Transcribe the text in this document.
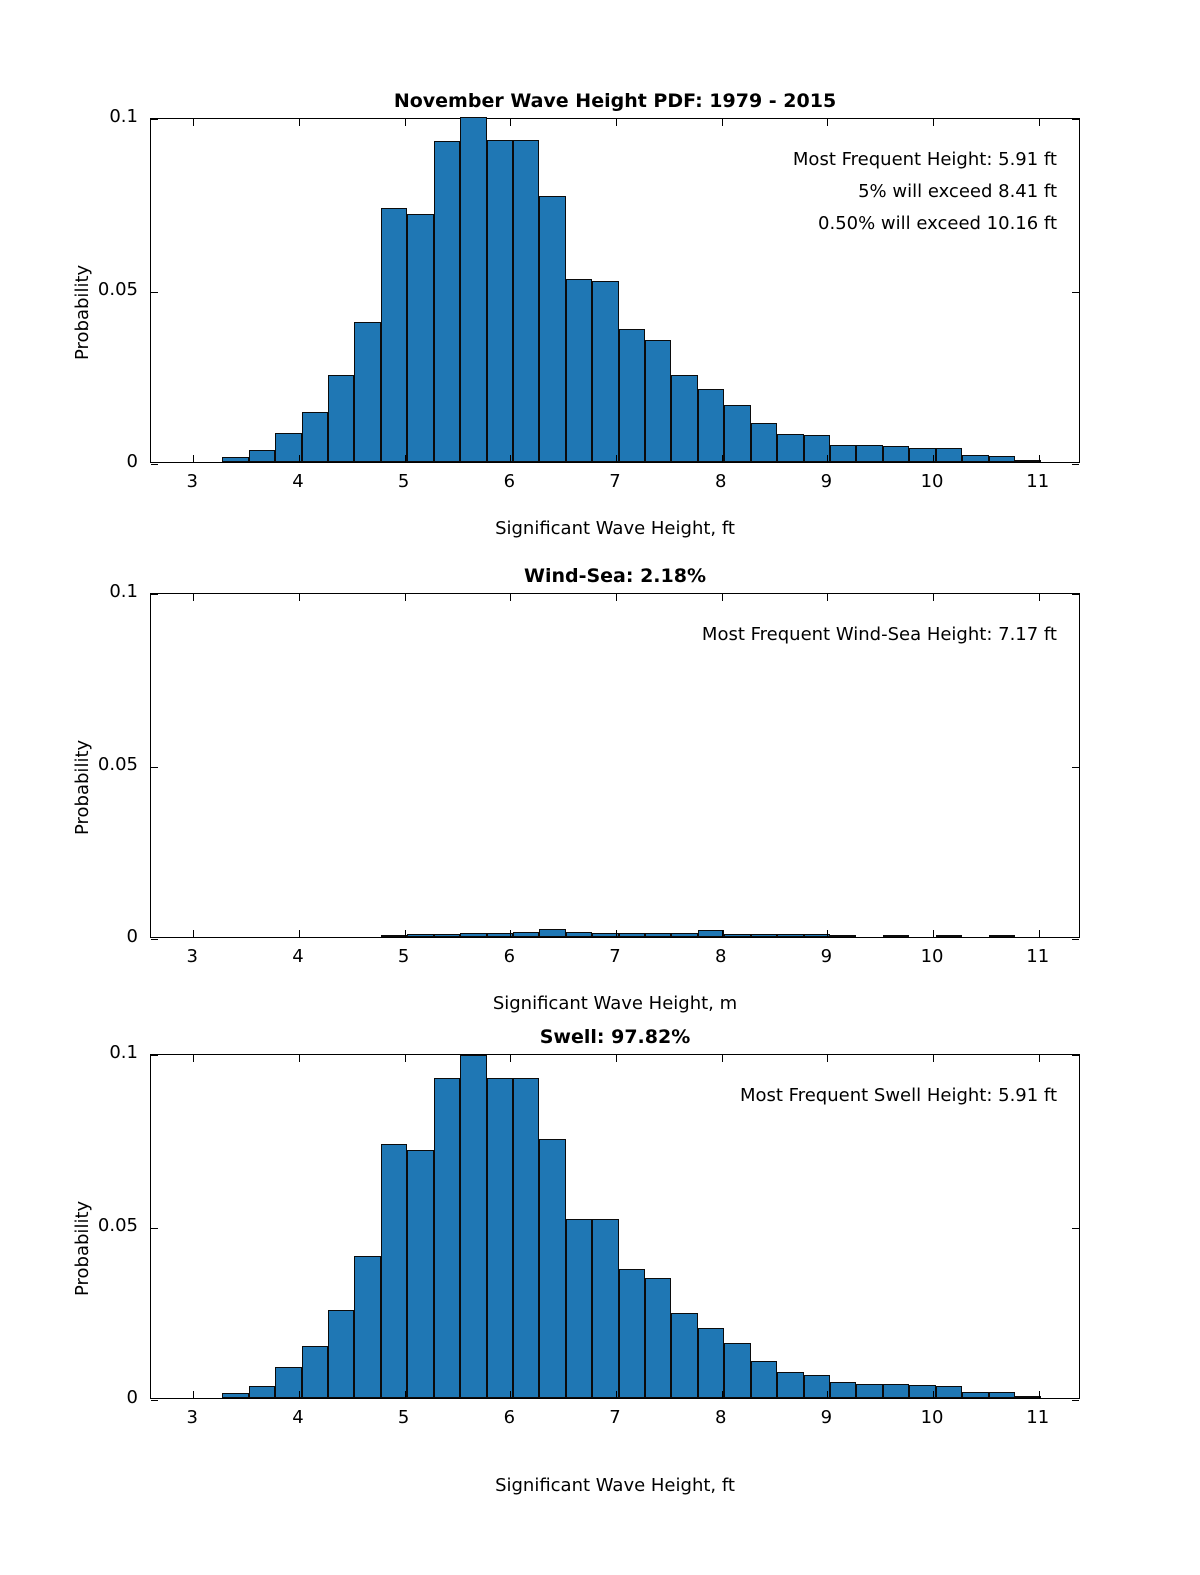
November Wave Height PDF: 1979 - 2015
Most Frequent Height: 5.91 ft
5% will exceed 8.41 ft
0.50% will exceed 10.16 ft
Probability
Significant Wave Height, ft
3	4	5	6	7	8	9	10	11
0
0.05
0.1
Wind-Sea: 2.18%
Most Frequent Wind-Sea Height: 7.17 ft
Probability
Significant Wave Height, m
3	4	5	6	7	8	9	10	11
0
0.05
0.1
Swell: 97.82%
Most Frequent Swell Height: 5.91 ft
Probability
Significant Wave Height, ft
3	4	5	6	7	8	9	10	11
0
0.05
0.1
